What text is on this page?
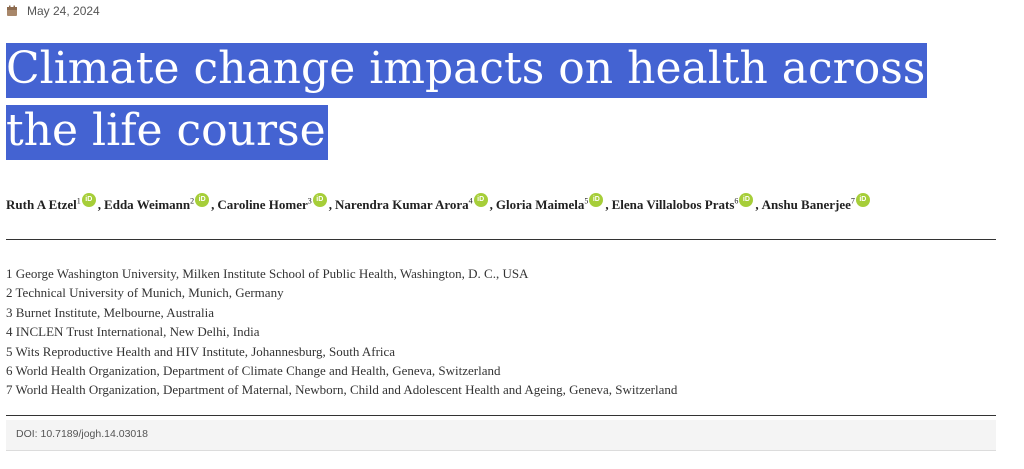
May 24, 2024
Climate change impacts on health across the life course
Ruth A Etzel$^1$ iD , Edda Weimann$^2$ iD , Caroline Homer$^3$ iD , Narendra Kumar Arora$^4$ iD , Gloria Maimela$^5$ iD , Elena Villalobos Prats$^6$ iD , Anshu Banerjee$^7$ iD
1 George Washington University, Milken Institute School of Public Health, Washington, D. C., USA
2 Technical University of Munich, Munich, Germany
3 Burnet Institute, Melbourne, Australia
4 INCLEN Trust International, New Delhi, India
5 Wits Reproductive Health and HIV Institute, Johannesburg, South Africa
6 World Health Organization, Department of Climate Change and Health, Geneva, Switzerland
7 World Health Organization, Department of Maternal, Newborn, Child and Adolescent Health and Ageing, Geneva, Switzerland
DOI: 10.7189/jogh.14.03018
